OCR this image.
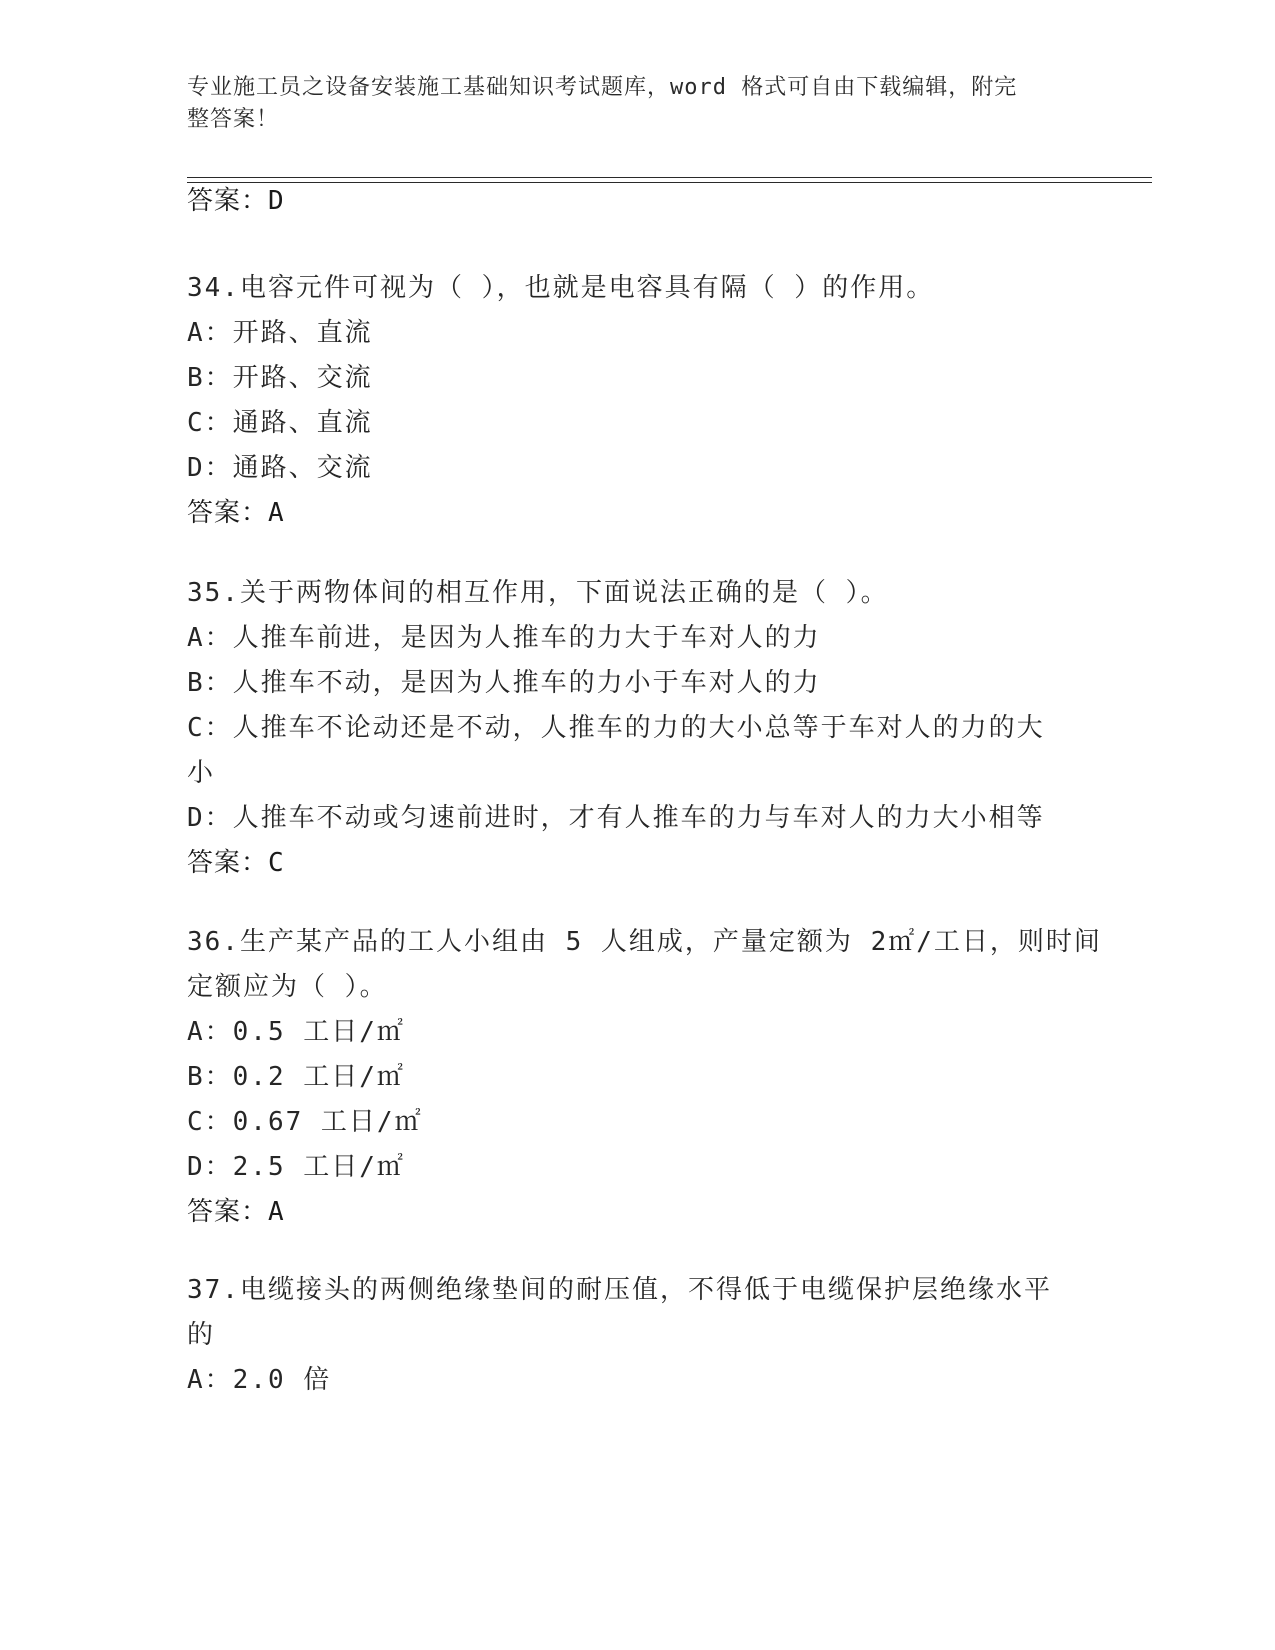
专业施工员之设备安装施工基础知识考试题库，word 格式可自由下载编辑，附完
整答案！
答案：D
34.电容元件可视为（ ），也就是电容具有隔（ ）的作用。
A：开路、直流
B：开路、交流
C：通路、直流
D：通路、交流
答案：A
35.关于两物体间的相互作用，下面说法正确的是（ ）。
A：人推车前进，是因为人推车的力大于车对人的力
B：人推车不动，是因为人推车的力小于车对人的力
C：人推车不论动还是不动，人推车的力的大小总等于车对人的力的大
小
D：人推车不动或匀速前进时，才有人推车的力与车对人的力大小相等
答案：C
36.生产某产品的工人小组由 5 人组成，产量定额为 2㎡/工日，则时间
定额应为（ ）。
A：0.5 工日/㎡
B：0.2 工日/㎡
C：0.67 工日/㎡
D：2.5 工日/㎡
答案：A
37.电缆接头的两侧绝缘垫间的耐压值，不得低于电缆保护层绝缘水平
的
A：2.0 倍
